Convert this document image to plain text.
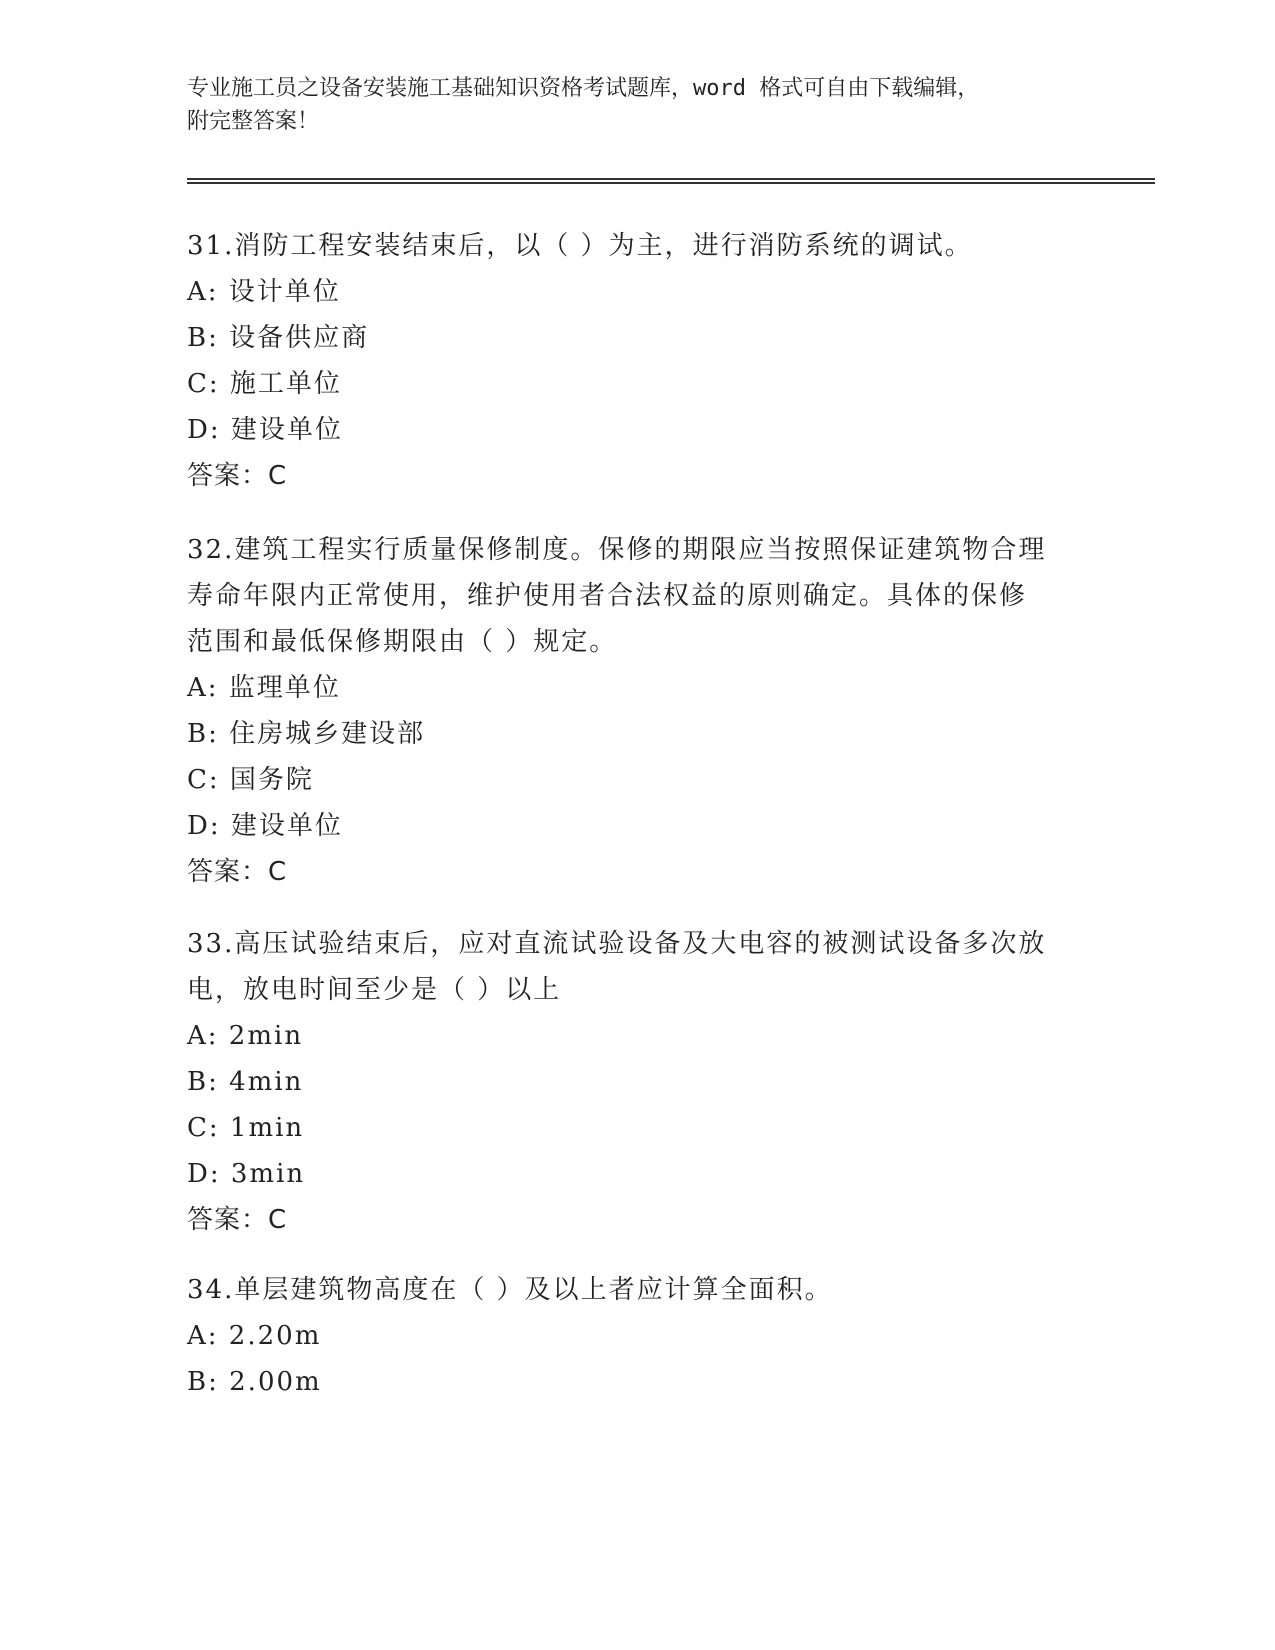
专业施工员之设备安装施工基础知识资格考试题库，word 格式可自由下载编辑，
附完整答案！
31.消防工程安装结束后，以（ ）为主，进行消防系统的调试。
A: 设计单位
B: 设备供应商
C: 施工单位
D: 建设单位
答案：C
32.建筑工程实行质量保修制度。保修的期限应当按照保证建筑物合理
寿命年限内正常使用，维护使用者合法权益的原则确定。具体的保修
范围和最低保修期限由（ ）规定。
A: 监理单位
B: 住房城乡建设部
C: 国务院
D: 建设单位
答案：C
33.高压试验结束后，应对直流试验设备及大电容的被测试设备多次放
电，放电时间至少是（ ）以上
A: 2min
B: 4min
C: 1min
D: 3min
答案：C
34.单层建筑物高度在（ ）及以上者应计算全面积。
A: 2.20m
B: 2.00m
